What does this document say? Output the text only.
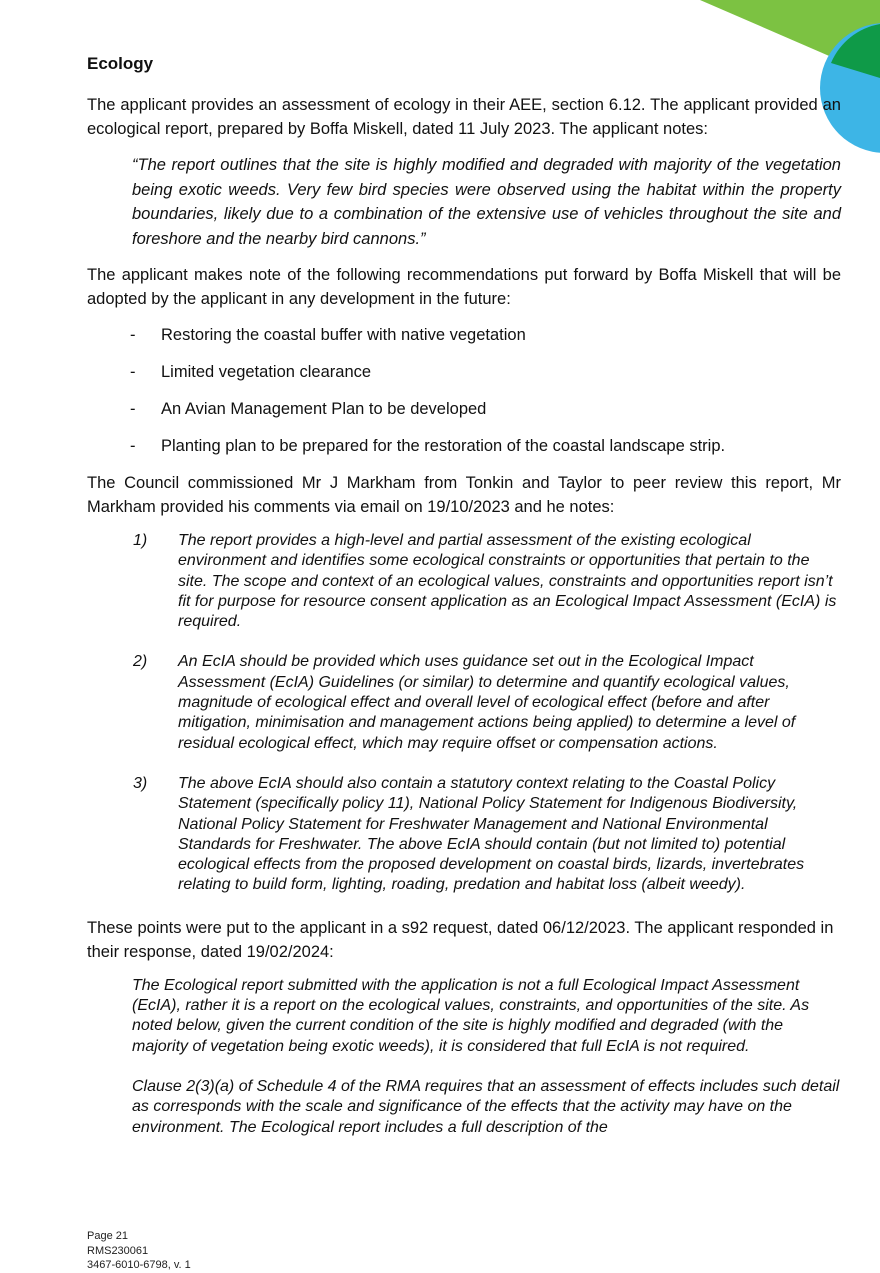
Ecology

The applicant provides an assessment of ecology in their AEE, section 6.12. The applicant provided an ecological report, prepared by Boffa Miskell, dated 11 July 2023. The applicant notes:

“The report outlines that the site is highly modified and degraded with majority of the vegetation being exotic weeds. Very few bird species were observed using the habitat within the property boundaries, likely due to a combination of the extensive use of vehicles throughout the site and foreshore and the nearby bird cannons.”

The applicant makes note of the following recommendations put forward by Boffa Miskell that will be adopted by the applicant in any development in the future:

-	Restoring the coastal buffer with native vegetation
-	Limited vegetation clearance
-	An Avian Management Plan to be developed
-	Planting plan to be prepared for the restoration of the coastal landscape strip.

The Council commissioned Mr J Markham from Tonkin and Taylor to peer review this report, Mr Markham provided his comments via email on 19/10/2023 and he notes:

1)	The report provides a high-level and partial assessment of the existing ecological environment and identifies some ecological constraints or opportunities that pertain to the site. The scope and context of an ecological values, constraints and opportunities report isn’t fit for purpose for resource consent application as an Ecological Impact Assessment (EcIA) is required.
2)	An EcIA should be provided which uses guidance set out in the Ecological Impact Assessment (EcIA) Guidelines (or similar) to determine and quantify ecological values, magnitude of ecological effect and overall level of ecological effect (before and after mitigation, minimisation and management actions being applied) to determine a level of residual ecological effect, which may require offset or compensation actions.
3)	The above EcIA should also contain a statutory context relating to the Coastal Policy Statement (specifically policy 11), National Policy Statement for Indigenous Biodiversity, National Policy Statement for Freshwater Management and National Environmental Standards for Freshwater. The above EcIA should contain (but not limited to) potential ecological effects from the proposed development on coastal birds, lizards, invertebrates relating to build form, lighting, roading, predation and habitat loss (albeit weedy).

These points were put to the applicant in a s92 request, dated 06/12/2023. The applicant responded in their response, dated 19/02/2024:

The Ecological report submitted with the application is not a full Ecological Impact Assessment (EcIA), rather it is a report on the ecological values, constraints, and opportunities of the site. As noted below, given the current condition of the site is highly modified and degraded (with the majority of vegetation being exotic weeds), it is considered that full EcIA is not required.

Clause 2(3)(a) of Schedule 4 of the RMA requires that an assessment of effects includes such detail as corresponds with the scale and significance of the effects that the activity may have on the environment. The Ecological report includes a full description of the

Page 21
RMS230061
3467-6010-6798, v. 1
